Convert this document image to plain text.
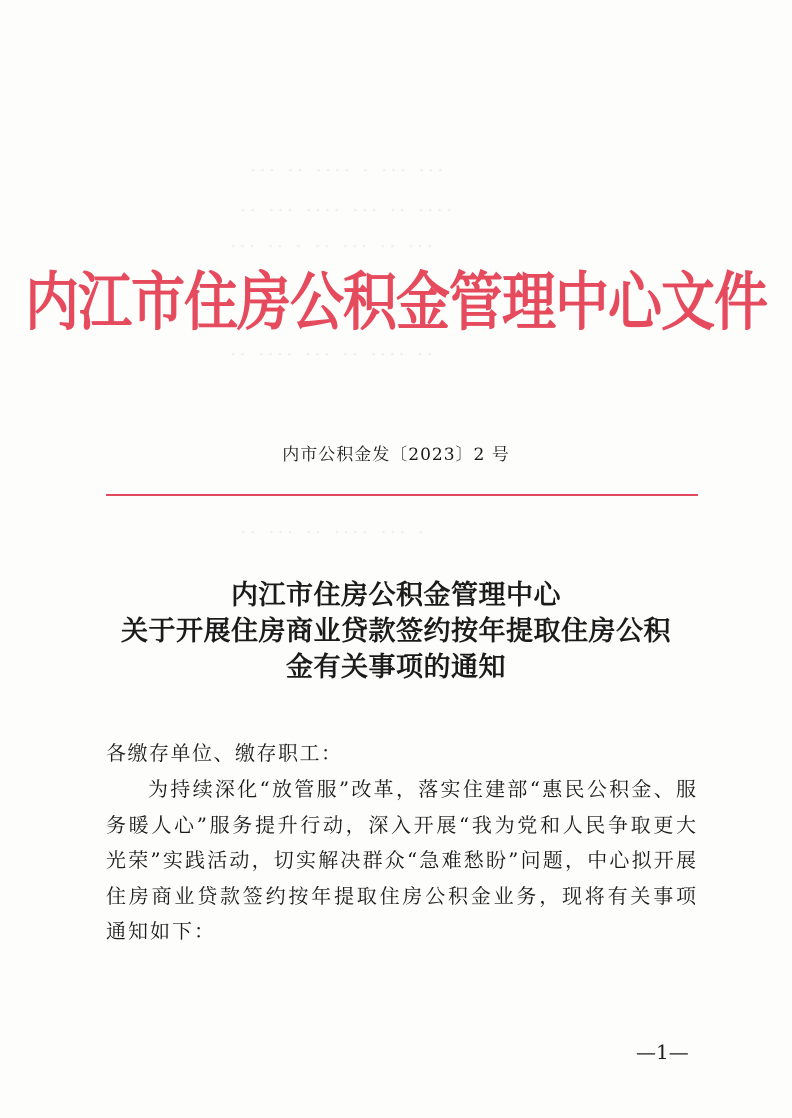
··· ·· ···· · ··· ···
·· ··· ···· ··· ·· ····
··· ·· · ·· ··· ·· ···
·· ···· ··· ·· ···· ··
·· ··· ·· ···· ··· ·
内江市住房公积金管理中心文件
内市公积金发〔2023〕2 号
内江市住房公积金管理中心
关于开展住房商业贷款签约按年提取住房公积
金有关事项的通知
各缴存单位、缴存职工：
为持续深化“放管服”改革，落实住建部“惠民公积金、服务暖人心”服务提升行动，深入开展“我为党和人民争取更大光荣”实践活动，切实解决群众“急难愁盼”问题，中心拟开展住房商业贷款签约按年提取住房公积金业务，现将有关事项通知如下：
—1—
